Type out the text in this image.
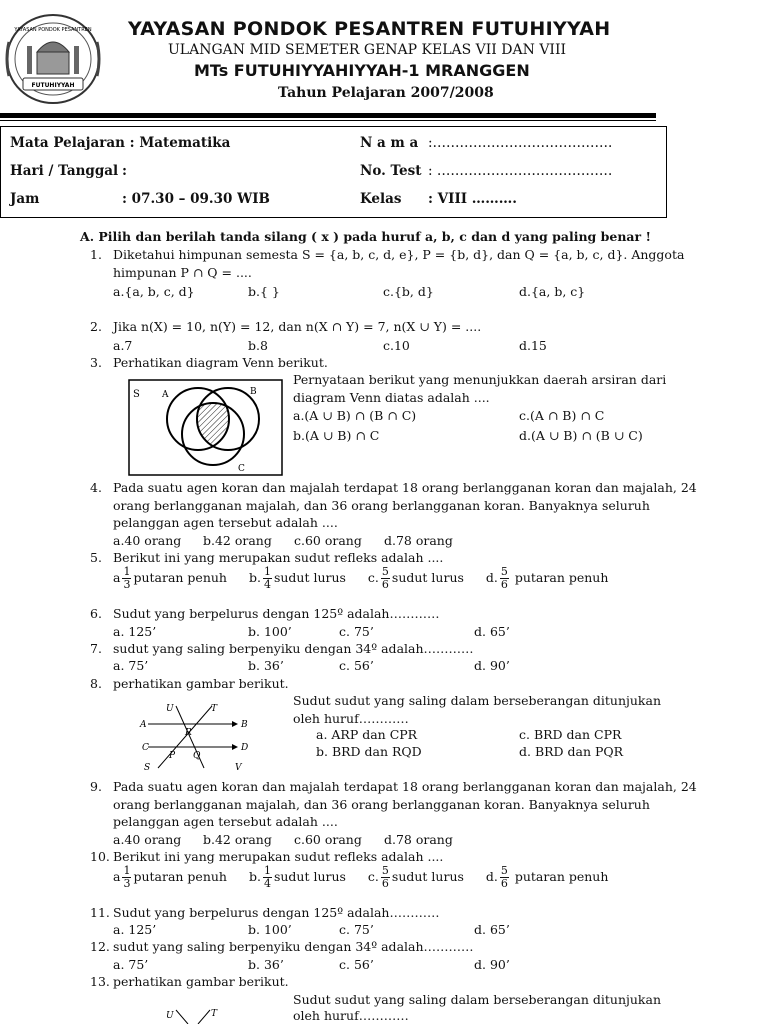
YAYASAN PONDOK PESANTREN
FUTUHIYYAH
YAYASAN PONDOK PESANTREN FUTUHIYYAH
ULANGAN MID SEMETER GENAP KELAS VII DAN VIII
MTs FUTUHIYYAHIYYAH-1 MRANGGEN
Tahun Pelajaran 2007/2008
Mata Pelajaran : Matematika
Hari / Tanggal :
Jam	: 07.30 – 09.30 WIB
N a m a :………………………………….
No. Test : …………………………………
Kelas : VIII ……….
A. Pilih dan berilah tanda silang ( x ) pada huruf a, b, c dan d yang paling benar !
1. Diketahui himpunan semesta S = {a, b, c, d, e}, P = {b, d}, dan Q = {a, b, c, d}. Anggota
himpunan P ∩ Q = ....
a.{a, b, c, d}	b.{ }	c.{b, d}	d.{a, b, c}
2. Jika n(X) = 10, n(Y) = 12, dan n(X ∩ Y) = 7, n(X ∪ Y) = ....
a.7	b.8	c.10	d.15
3. Perhatikan diagram Venn berikut.
S A	B
C
Pernyataan berikut yang menunjukkan daerah arsiran dari
diagram Venn diatas adalah ....
a.(A ∪ B) ∩ (B ∩ C)	c.(A ∩ B) ∩ C
b.(A ∪ B) ∩ C	d.(A ∪ B) ∩ (B ∪ C)
4. Pada suatu agen koran dan majalah terdapat 18 orang berlangganan koran dan majalah, 24
orang berlangganan majalah, dan 36 orang berlangganan koran. Banyaknya seluruh
pelanggan agen tersebut adalah ....
a.40 orang b.42 orang c.60 orang d.78 orang
5. Berikut ini yang merupakan sudut refleks adalah ....
a $\frac{1}{3}$ putaran penuh b. $\frac{1}{4}$ sudut lurus c. $\frac{5}{6}$ sudut lurus d. $\frac{5}{6}$ putaran penuh
6. Sudut yang berpelurus dengan 125º adalah…………
a. 125’	b. 100’	c. 75’	d. 65’
7. sudut yang saling berpenyiku dengan 34º adalah…………
a. 75’	b. 36’	c. 56’	d. 90’
8. perhatikan gambar berikut.
U	T
A	B
R
C	D
P Q
S	V
Sudut sudut yang saling dalam berseberangan ditunjukan
oleh huruf…………
a. ARP dan CPR	c. BRD dan CPR
b. BRD dan RQD	d. BRD dan PQR
9. Pada suatu agen koran dan majalah terdapat 18 orang berlangganan koran dan majalah, 24
orang berlangganan majalah, dan 36 orang berlangganan koran. Banyaknya seluruh
pelanggan agen tersebut adalah ....
a.40 orang b.42 orang c.60 orang d.78 orang
10. Berikut ini yang merupakan sudut refleks adalah ....
a $\frac{1}{3}$ putaran penuh b. $\frac{1}{4}$ sudut lurus c. $\frac{5}{6}$ sudut lurus d. $\frac{5}{6}$ putaran penuh
11. Sudut yang berpelurus dengan 125º adalah…………
a. 125’	b. 100’	c. 75’	d. 65’
12. sudut yang saling berpenyiku dengan 34º adalah…………
a. 75’	b. 36’	c. 56’	d. 90’
13. perhatikan gambar berikut.
Sudut sudut yang saling dalam berseberangan ditunjukan
oleh huruf…………
U	T
